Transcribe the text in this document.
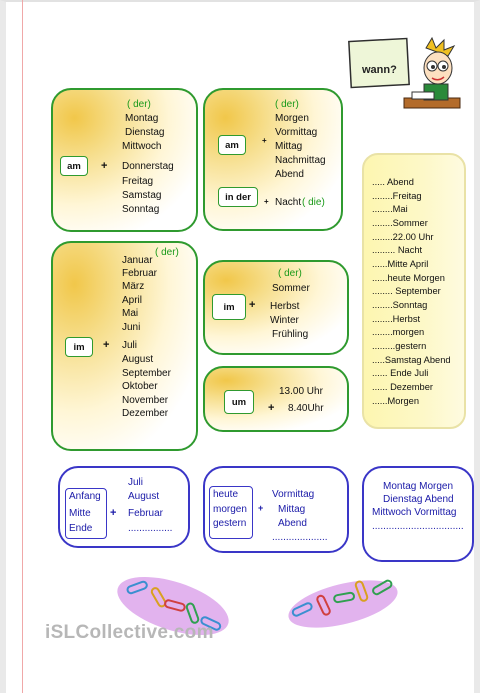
wann?
( der)
Montag
Dienstag
Mittwoch
am	+ Donnerstag
Freitag
Samstag
Sonntag
( der)
Morgen
Vormittag
am	+
Mittag
Nachmittag
Abend
in der	+ Nacht ( die)
( der)
Januar
Februar
März
April
Mai
Juni
im	+ Juli
August
September
Oktober
November
Dezember
( der)
Sommer
im	+ Herbst
Winter
Frühling
um
13.00 Uhr
+ 8.40Uhr
..... Abend
........Freitag
........Mai
........Sommer
........22.00 Uhr
......... Nacht
......Mitte April
......heute Morgen
........ September
........Sonntag
........Herbst
........morgen
.........gestern
.....Samstag Abend
...... Ende Juli
...... Dezember
......Morgen
Anfang
Mitte
Ende
+
Juli
August
Februar
................
heute
morgen
gestern
+
Vormittag
Mittag
Abend
....................
Montag Morgen
Dienstag Abend
Mittwoch Vormittag
.................................
iSLCollective.com
